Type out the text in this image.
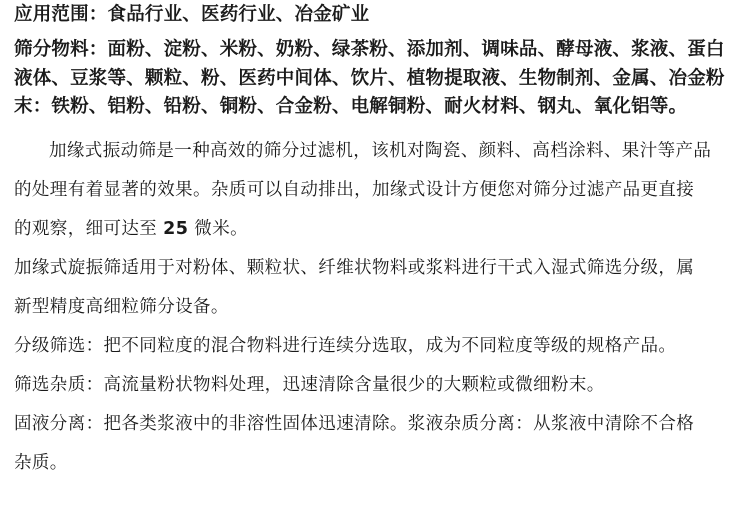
应用范围：食品行业、医药行业、冶金矿业

筛分物料：面粉、淀粉、米粉、奶粉、绿茶粉、添加剂、调味品、酵母液、浆液、蛋白
液体、豆浆等、颗粒、粉、医药中间体、饮片、植物提取液、生物制剂、金属、冶金粉
末：铁粉、铝粉、铅粉、铜粉、合金粉、电解铜粉、耐火材料、钢丸、氧化铝等。
加缘式振动筛是一种高效的筛分过滤机，该机对陶瓷、颜料、高档涂料、果汁等产品
的处理有着显著的效果。杂质可以自动排出，加缘式设计方便您对筛分过滤产品更直接
的观察，细可达至 25 微米。
加缘式旋振筛适用于对粉体、颗粒状、纤维状物料或浆料进行干式入湿式筛选分级，属
新型精度高细粒筛分设备。
分级筛选：把不同粒度的混合物料进行连续分选取，成为不同粒度等级的规格产品。
筛选杂质：高流量粉状物料处理，迅速清除含量很少的大颗粒或微细粉末。
固液分离：把各类浆液中的非溶性固体迅速清除。浆液杂质分离：从浆液中清除不合格
杂质。
